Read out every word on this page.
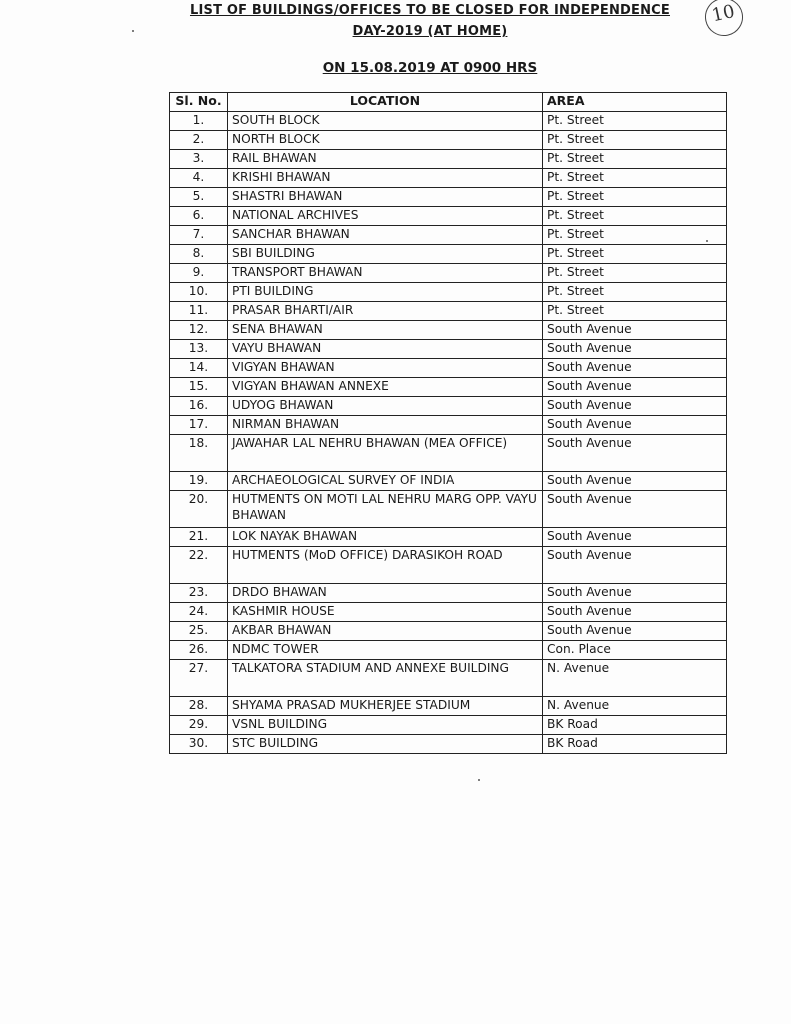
LIST OF BUILDINGS/OFFICES TO BE CLOSED FOR INDEPENDENCE
DAY-2019 (AT HOME)
ON 15.08.2019 AT 0900 HRS
10
Sl. No.	LOCATION	AREA
1.	SOUTH BLOCK	Pt. Street
2.	NORTH BLOCK	Pt. Street
3.	RAIL BHAWAN	Pt. Street
4.	KRISHI BHAWAN	Pt. Street
5.	SHASTRI BHAWAN	Pt. Street
6.	NATIONAL ARCHIVES	Pt. Street
7.	SANCHAR BHAWAN	Pt. Street
8.	SBI BUILDING	Pt. Street
9.	TRANSPORT BHAWAN	Pt. Street
10.	PTI BUILDING	Pt. Street
11.	PRASAR BHARTI/AIR	Pt. Street
12.	SENA BHAWAN	South Avenue
13.	VAYU BHAWAN	South Avenue
14.	VIGYAN BHAWAN	South Avenue
15.	VIGYAN BHAWAN ANNEXE	South Avenue
16.	UDYOG BHAWAN	South Avenue
17.	NIRMAN BHAWAN	South Avenue
18.	JAWAHAR LAL NEHRU BHAWAN (MEA OFFICE)	South Avenue
19.	ARCHAEOLOGICAL SURVEY OF INDIA	South Avenue
20.	HUTMENTS ON MOTI LAL NEHRU MARG OPP. VAYU BHAWAN	South Avenue
21.	LOK NAYAK BHAWAN	South Avenue
22.	HUTMENTS (MoD OFFICE) DARASIKOH ROAD	South Avenue
23.	DRDO BHAWAN	South Avenue
24.	KASHMIR HOUSE	South Avenue
25.	AKBAR BHAWAN	South Avenue
26.	NDMC TOWER	Con. Place
27.	TALKATORA STADIUM AND ANNEXE BUILDING	N. Avenue
28.	SHYAMA PRASAD MUKHERJEE STADIUM	N. Avenue
29.	VSNL BUILDING	BK Road
30.	STC BUILDING	BK Road
